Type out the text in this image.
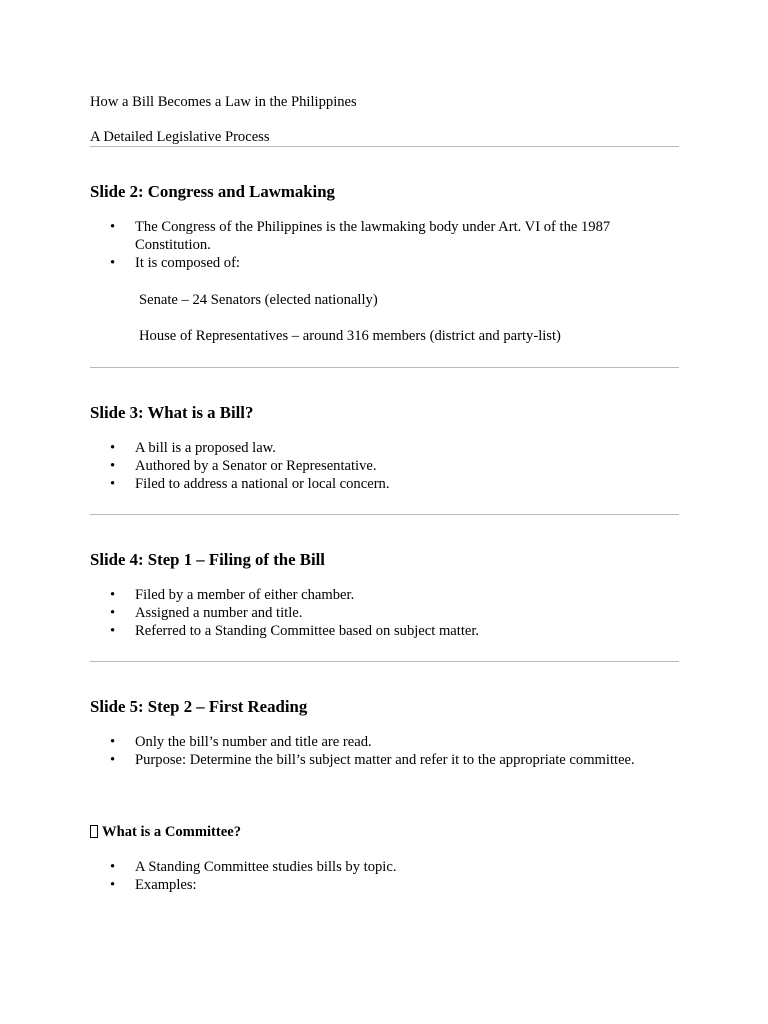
How a Bill Becomes a Law in the Philippines

A Detailed Legislative Process

Slide 2: Congress and Lawmaking
•	The Congress of the Philippines is the lawmaking body under Art. VI of the 1987 Constitution.
•	It is composed of:

Senate – 24 Senators (elected nationally)

House of Representatives – around 316 members (district and party-list)

Slide 3: What is a Bill?
•	A bill is a proposed law.
•	Authored by a Senator or Representative.
•	Filed to address a national or local concern.
Slide 4: Step 1 – Filing of the Bill
•	Filed by a member of either chamber.
•	Assigned a number and title.
•	Referred to a Standing Committee based on subject matter.
Slide 5: Step 2 – First Reading
•	Only the bill’s number and title are read.
•	Purpose: Determine the bill’s subject matter and refer it to the appropriate committee.
What is a Committee?
•	A Standing Committee studies bills by topic.
•	Examples:
